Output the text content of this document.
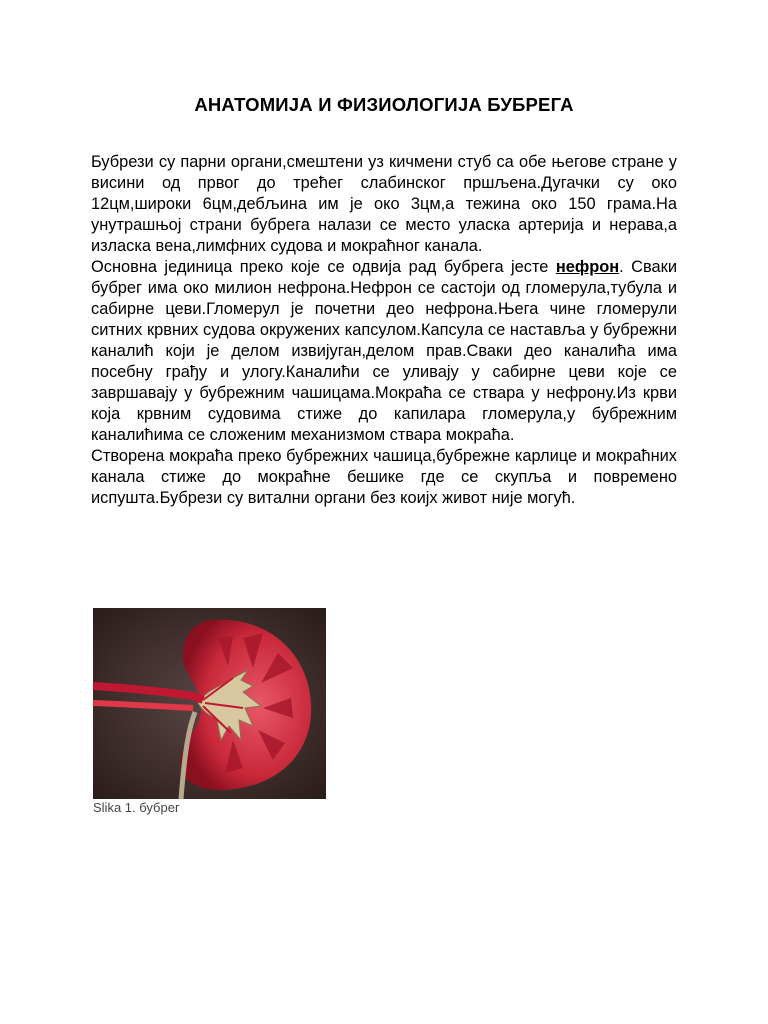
АНАТОМИЈА И ФИЗИОЛОГИЈА БУБРЕГА

Бубрези су парни органи,смештени уз кичмени стуб са обе његове стране у висини од првог до трећег слабинског пршљена.Дугачки су око 12цм,широки 6цм,дебљина им је око 3цм,а тежина око 150 грама.На унутрашњој страни бубрега налази се место уласка артерија и нерава,а изласка вена,лимфних судова и мокраћног канала.

Основна јединица преко које се одвија рад бубрега јесте нефрон. Сваки бубрег има око милион нефрона.Нефрон се састоји од гломерула,тубула и сабирне цеви.Гломерул је почетни део нефрона.Њега чине гломерули ситних крвних судова окружених капсулом.Капсула се наставља у бубрежни каналић који је делом извијуган,делом прав.Сваки део каналића има посебну грађу и улогу.Каналићи се уливају у сабирне цеви које се завршавају у бубрежним чашицама.Мокраћа се ствара у нефрону.Из крви која крвним судовима стиже до капилара гломерула,у бубрежним каналићима се сложеним механизмом ствара мокраћа.

Створена мокраћа преко бубрежних чашица,бубрежне карлице и мокраћних канала стиже до мокраћне бешике где се скупља и повремено испушта.Бубрези су витални органи без коијх живот није могућ.

Slika 1. бубрег
